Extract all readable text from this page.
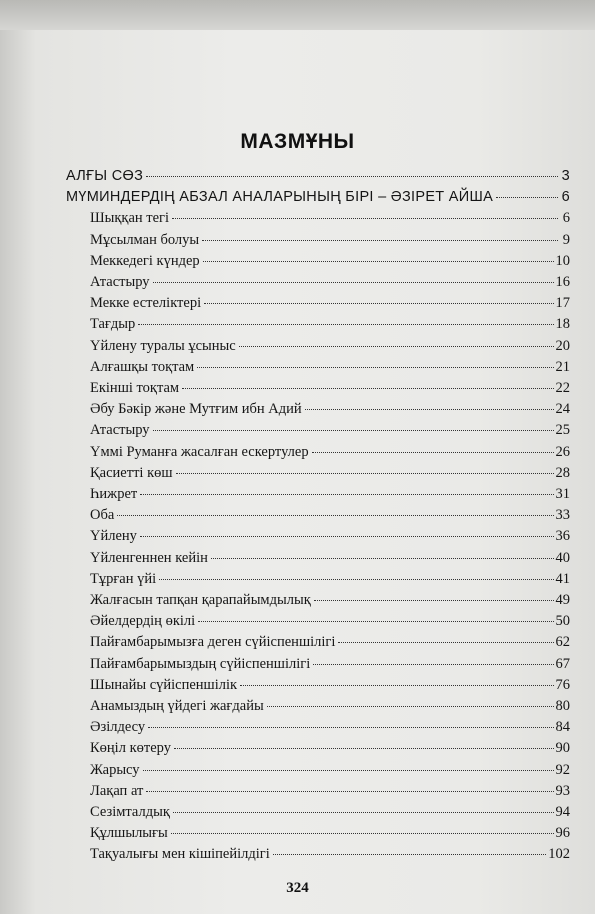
МАЗМҰНЫ
АЛҒЫ СӨЗ	3
МҮМИНДЕРДІҢ АБЗАЛ АНАЛАРЫНЫҢ БІРІ – ӘЗІРЕТ АЙША	6
Шыққан тегі	6
Мұсылман болуы	9
Меккедегі күндер	10
Атастыру	16
Мекке естеліктері	17
Тағдыр	18
Үйлену туралы ұсыныс	20
Алғашқы тоқтам	21
Екінші тоқтам	22
Әбу Бәкір және Мутғим ибн Адий	24
Атастыру	25
Үммі Руманға жасалған ескертулер	26
Қасиетті көш	28
Һижрет	31
Оба	33
Үйлену	36
Үйленгеннен кейін	40
Тұрған үйі	41
Жалғасын тапқан қарапайымдылық	49
Әйелдердің өкілі	50
Пайғамбарымызға деген сүйіспеншілігі	62
Пайғамбарымыздың сүйіспеншілігі	67
Шынайы сүйіспеншілік	76
Анамыздың үйдегі жағдайы	80
Әзілдесу	84
Көңіл көтеру	90
Жарысу	92
Лақап ат	93
Сезімталдық	94
Құлшылығы	96
Тақуалығы мен кішіпейілдігі	102
324
